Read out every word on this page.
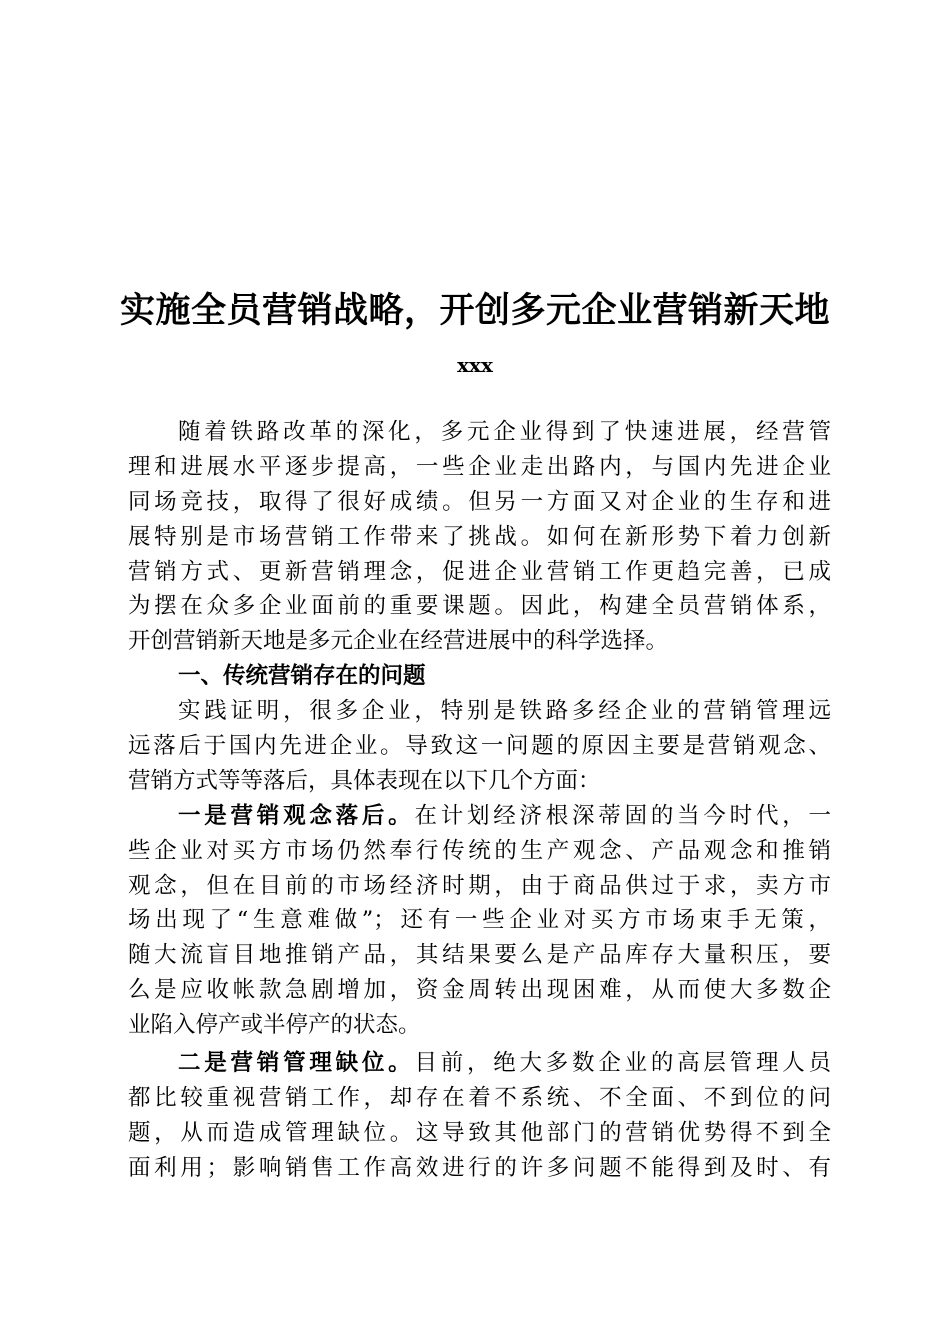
实施全员营销战略，开创多元企业营销新天地
xxx
随着铁路改革的深化，多元企业得到了快速进展，经营管
理和进展水平逐步提高，一些企业走出路内，与国内先进企业
同场竞技，取得了很好成绩。但另一方面又对企业的生存和进
展特别是市场营销工作带来了挑战。如何在新形势下着力创新
营销方式、更新营销理念，促进企业营销工作更趋完善，已成
为摆在众多企业面前的重要课题。因此，构建全员营销体系，
开创营销新天地是多元企业在经营进展中的科学选择。
一、传统营销存在的问题
实践证明，很多企业，特别是铁路多经企业的营销管理远
远落后于国内先进企业。导致这一问题的原因主要是营销观念、
营销方式等等落后，具体表现在以下几个方面：
一是营销观念落后。在计划经济根深蒂固的当今时代，一
些企业对买方市场仍然奉行传统的生产观念、产品观念和推销
观念，但在目前的市场经济时期，由于商品供过于求，卖方市
场出现了“生意难做”；还有一些企业对买方市场束手无策，
随大流盲目地推销产品，其结果要么是产品库存大量积压，要
么是应收帐款急剧增加，资金周转出现困难，从而使大多数企
业陷入停产或半停产的状态。
二是营销管理缺位。目前，绝大多数企业的高层管理人员
都比较重视营销工作，却存在着不系统、不全面、不到位的问
题，从而造成管理缺位。这导致其他部门的营销优势得不到全
面利用；影响销售工作高效进行的许多问题不能得到及时、有
